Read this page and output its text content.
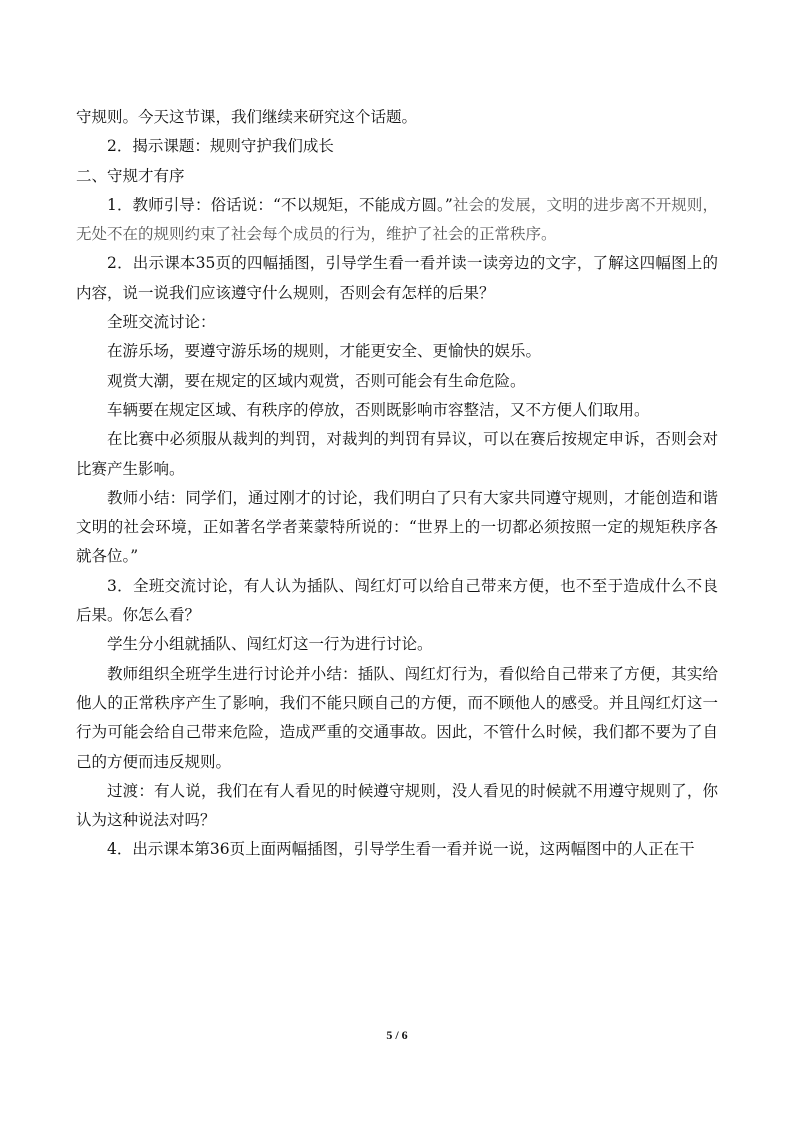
守规则。今天这节课，我们继续来研究这个话题。

2．揭示课题：规则守护我们成长

二、守规才有序

1．教师引导：俗话说：“不以规矩，不能成方圆。”社会的发展，文明的进步离不开规则，无处不在的规则约束了社会每个成员的行为，维护了社会的正常秩序。

2．出示课本35页的四幅插图，引导学生看一看并读一读旁边的文字，了解这四幅图上的内容，说一说我们应该遵守什么规则，否则会有怎样的后果？

全班交流讨论：

在游乐场，要遵守游乐场的规则，才能更安全、更愉快的娱乐。

观赏大潮，要在规定的区域内观赏，否则可能会有生命危险。

车辆要在规定区域、有秩序的停放，否则既影响市容整洁，又不方便人们取用。

在比赛中必须服从裁判的判罚，对裁判的判罚有异议，可以在赛后按规定申诉，否则会对比赛产生影响。

教师小结：同学们，通过刚才的讨论，我们明白了只有大家共同遵守规则，才能创造和谐文明的社会环境，正如著名学者莱蒙特所说的：“世界上的一切都必须按照一定的规矩秩序各就各位。”

3．全班交流讨论，有人认为插队、闯红灯可以给自己带来方便，也不至于造成什么不良后果。你怎么看？

学生分小组就插队、闯红灯这一行为进行讨论。

教师组织全班学生进行讨论并小结：插队、闯红灯行为，看似给自己带来了方便，其实给他人的正常秩序产生了影响，我们不能只顾自己的方便，而不顾他人的感受。并且闯红灯这一行为可能会给自己带来危险，造成严重的交通事故。因此，不管什么时候，我们都不要为了自己的方便而违反规则。

过渡：有人说，我们在有人看见的时候遵守规则，没人看见的时候就不用遵守规则了，你认为这种说法对吗？

4．出示课本第36页上面两幅插图，引导学生看一看并说一说，这两幅图中的人正在干

5 / 6
